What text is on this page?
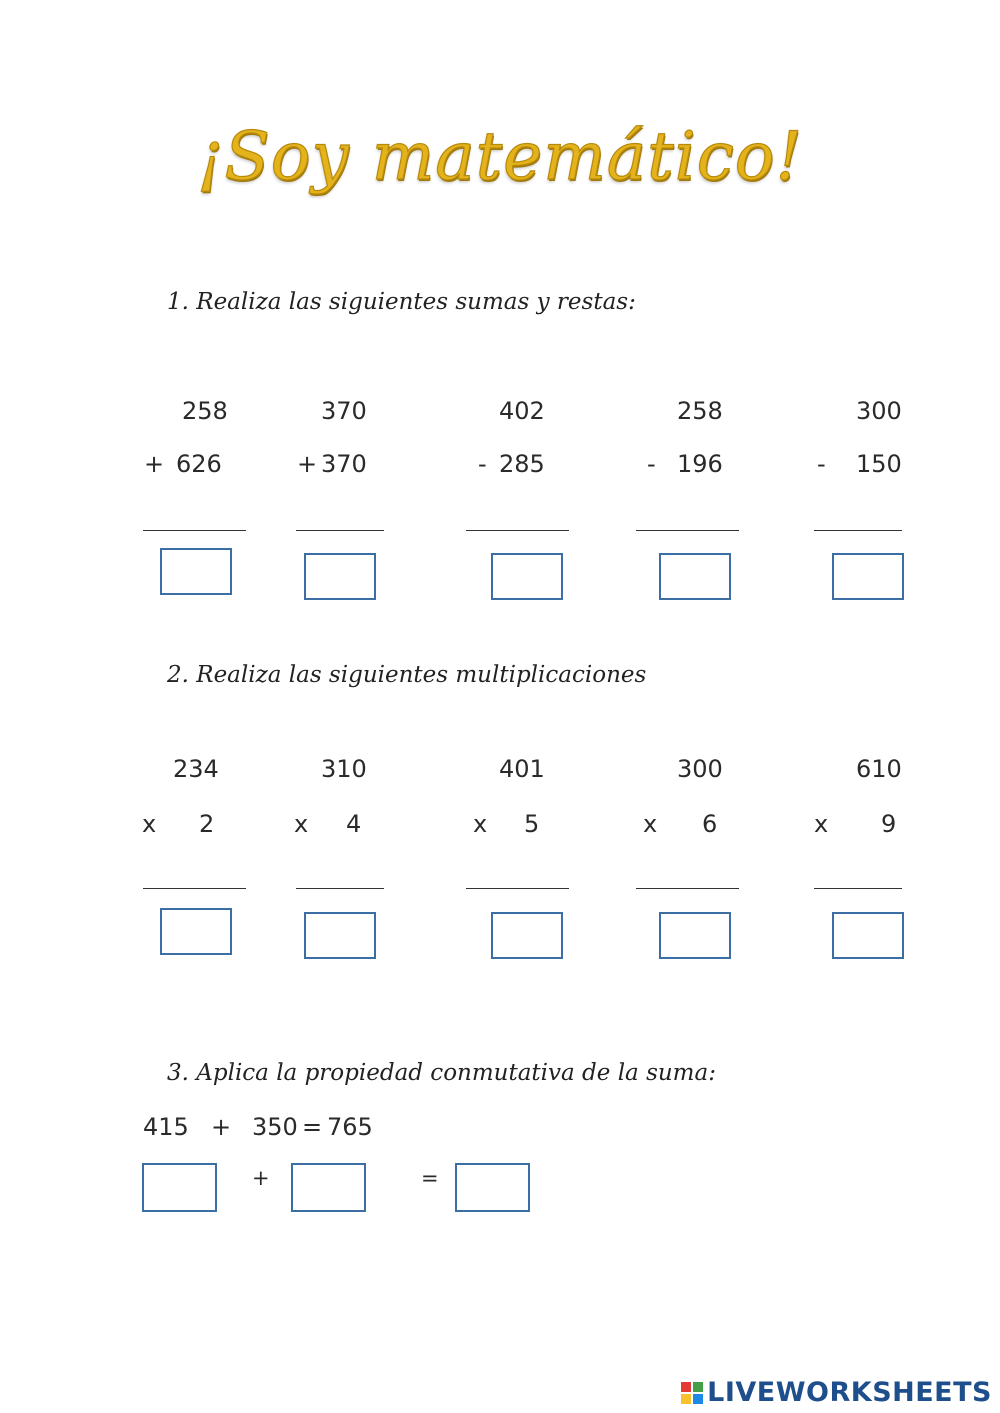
¡Soy matemático!
1. Realiza las siguientes sumas y restas:
258
+ 626
370
+ 370
402
- 285
258
- 196
300
- 150
2. Realiza las siguientes multiplicaciones
234
x 2
310
x 4
401
x 5
300
x 6
610
x 9
3. Aplica la propiedad conmutativa de la suma:
415 + 350 = 765
+	=
LIVEWORKSHEETS
